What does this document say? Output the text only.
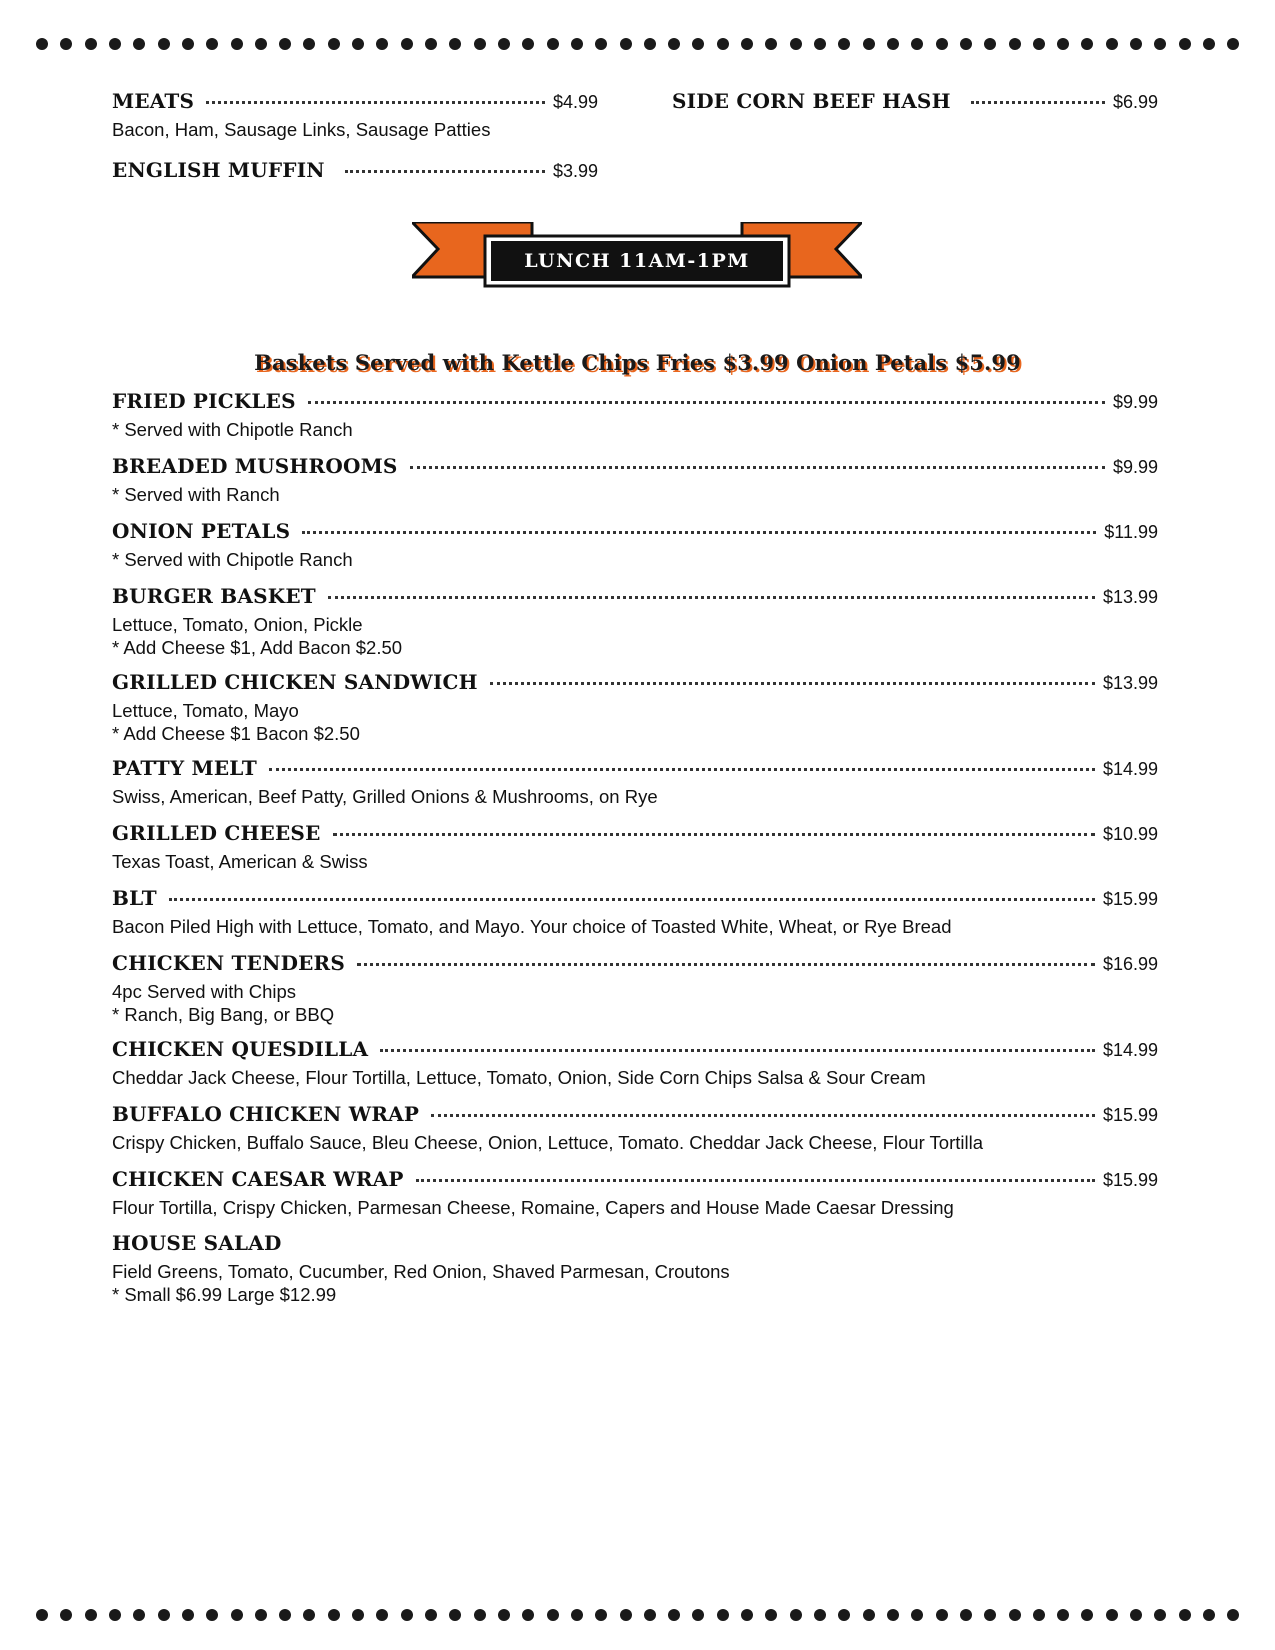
MEATS	$4.99
Bacon, Ham, Sausage Links, Sausage Patties
ENGLISH MUFFIN	$3.99
SIDE CORN BEEF HASH	$6.99
LUNCH 11AM-1PM
Baskets Served with Kettle Chips Fries $3.99 Onion Petals $5.99
FRIED PICKLES	$9.99
* Served with Chipotle Ranch
BREADED MUSHROOMS	$9.99
* Served with Ranch
ONION PETALS	$11.99
* Served with Chipotle Ranch
BURGER BASKET	$13.99
Lettuce, Tomato, Onion, Pickle
* Add Cheese $1, Add Bacon $2.50
GRILLED CHICKEN SANDWICH	$13.99
Lettuce, Tomato, Mayo
* Add Cheese $1 Bacon $2.50
PATTY MELT	$14.99
Swiss, American, Beef Patty, Grilled Onions & Mushrooms, on Rye
GRILLED CHEESE	$10.99
Texas Toast, American & Swiss
BLT	$15.99
Bacon Piled High with Lettuce, Tomato, and Mayo. Your choice of Toasted White, Wheat, or Rye Bread
CHICKEN TENDERS	$16.99
4pc Served with Chips
* Ranch, Big Bang, or BBQ
CHICKEN QUESDILLA	$14.99
Cheddar Jack Cheese, Flour Tortilla, Lettuce, Tomato, Onion, Side Corn Chips Salsa & Sour Cream
BUFFALO CHICKEN WRAP	$15.99
Crispy Chicken, Buffalo Sauce, Bleu Cheese, Onion, Lettuce, Tomato. Cheddar Jack Cheese, Flour Tortilla
CHICKEN CAESAR WRAP	$15.99
Flour Tortilla, Crispy Chicken, Parmesan Cheese, Romaine, Capers and House Made Caesar Dressing
HOUSE SALAD
Field Greens, Tomato, Cucumber, Red Onion, Shaved Parmesan, Croutons
* Small $6.99 Large $12.99
